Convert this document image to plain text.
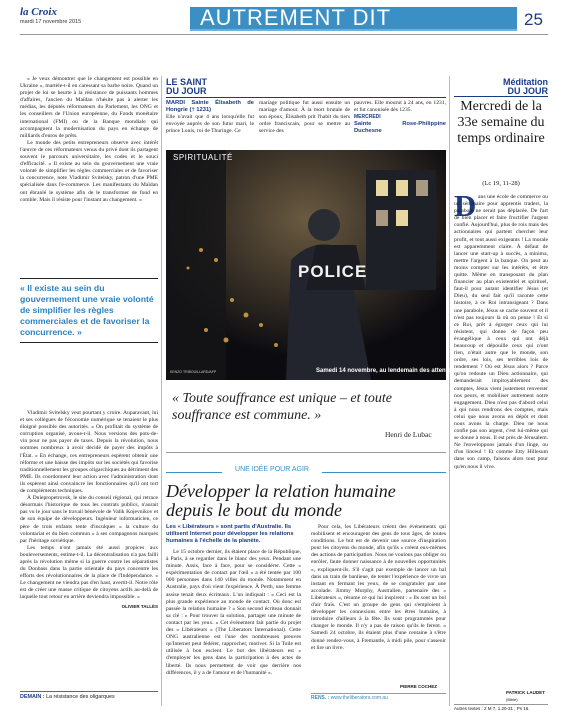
la Croix
mardi 17 novembre 2015	AUTREMENT DIT	25
« Je veux démontrer que le changement est possible en Ukraine », martèle-t-il en caressant sa barbe noire. Quand un projet de loi se heurte à la résistance de puissants hommes d'affaires, l'ancien du Maïdan n'hésite pas à alerter les médias, les députés réformateurs du Parlement, les ONG et les conseillers de l'Union européenne, du Fonds monétaire international (FMI) ou de la Banque mondiale qui accompagnent la modernisation du pays en échange de milliards d'euros de prêts.
Le monde des petits entrepreneurs observe avec intérêt l'œuvre de ces réformateurs venus du privé dont ils partagent souvent le parcours universitaire, les codes et le souci d'efficacité. « Il existe au sein du gouvernement une vraie volonté de simplifier les règles commerciales et de favoriser la concurrence, note Vladimir Svitelsky, patron d'une PME spécialisée dans l'e-commerce. Les manifestants du Maïdan ont ébranlé le système afin de le transformer de fond en comble. Mais il résiste pour l'instant au changement. »
« Il existe au sein du gouvernement une vraie volonté de simplifier les règles commerciales et de favoriser la concurrence. »
Vladimir Svitelsky veut pourtant y croire. Auparavant, lui et ses collègues de l'économie numérique se tenaient le plus éloigné possible des autorités. « On profitait du système de corruption organisé, avoue-t-il. Nous versions des pots-de-vin pour ne pas payer de taxes. Depuis la révolution, nous sommes nombreux à avoir décidé de payer des impôts à l'État. » En échange, ces entrepreneurs espèrent obtenir une réforme et une baisse des impôts sur les sociétés qui favorise traditionnellement les groupes oligarchiques au détriment des PME. Ils coordonnent leur action avec l'administration dont ils espèrent ainsi convaincre les fonctionnaires qu'il ont tort de compléments techniques.
À Dniepropetrovsk, le site du conseil régional, qui retrace désormais l'historique de tous les contrats publics, n'aurait pas vu le jour sans le travail bénévole de Valik Kojevnikov et de son équipe de développeurs. Ingénieur informaticien, ce père de trois enfants tente d'inculquer « la culture du volontariat et du bien commun » à ses compagnons marqués par l'héritage soviétique.
Les temps n'ont jamais été aussi propices aux bouleversements, estime-t-il. La décentralisation n'a pas failli après la révolution même si la guerre contre les séparatistes du Donbass dans la partie orientale du pays concentre les efforts des révolutionnaires de la place de l'Indépendance. « Le changement ne viendra pas d'en haut, avertit-il. Notre rôle est de créer une masse critique de citoyens actifs au-delà de laquelle tout retour en arrière deviendra impossible. »
OLIVIER TALLÈS
DEMAIN : La résistance des oligarques
LE SAINT
DU JOUR
MARDI Sainte Élisabeth de Hongrie († 1231)
Elle n'avait que 4 ans lorsqu'elle fut envoyée auprès de son futur mari, le prince Louis, roi de Thuringe. Ce
mariage politique fut aussi ensuite un mariage d'amour. À la mort brutale de son époux, Élisabeth prit l'habit du tiers ordre franciscain, pour se mettre au service des
pauvres. Elle mourut à 24 ans, en 1231, et fut canonisée dès 1235.
MERCREDI
Sainte Rose-Philippine Duchesne
POLICE
SPIRITUALITÉ
KENZO TRIBOUILLARD/AFP	Samedi 14 novembre, au lendemain des attentats.
« Toute souffrance est unique – et toute souffrance est commune. »
Henri de Lubac
UNE IDÉE POUR AGIR
Développer la relation humaine depuis le bout du monde
Les « Libérateurs » sont partis d'Australie. Ils utilisent Internet pour développer les relations humaines à l'échelle de la planète.
Le 15 octobre dernier, ils étaient place de la République, à Paris, à se regarder dans le blanc des yeux. Pendant une minute. Assis, face à face, pour se considérer. Cette « expérimentation de contact par l'œil » a été tentée par 100 000 personnes dans 140 villes du monde. Notamment en Australie, pays d'où vient l'expérience. À Perth, une femme assise tenait deux écriteaux. L'un indiquait : « Ceci est la plus grande expérience au monde de contact. Où donc est passée la relation humaine ? » Son second écriteau donnait sa clé : « Pour trouver la solution, partager une minute de contact par les yeux. » Cet événement fait partie du projet des « Libérateurs » (The Liberators International). Cette ONG australienne est l'une des nombreuses preuves qu'Internet peut fédérer, rapprocher, motiver. Si la Toile est utilisée à bon escient. Le but des libérateurs est « d'employer les gens dans la participation à des actes de liberté. Ils nous permettent de voir que derrière nos différences, il y a de l'amour et de l'humanité ».
Pour cela, les Libérateurs créent des événements qui mobilisent et encouragent des gens de tous âges, de toutes conditions. Le but est de devenir une source d'inspiration pour les citoyens du monde, afin qu'ils « créent eux-mêmes des actions de participation. Nous ne voulons pas obliger ou enrôler, faute donner naissance à de nouvelles opportunités », expliquent-ils. S'il s'agit par exemple de lancer un bal dans un train de banlieue, de tenter l'expérience de vivre un instant en fermant les yeux, de se congratuler par une accolade. Jimmy Murphy, Australien, partenaire des « Libérateurs », résume ce qui lui inspirent : « Ils sont un bol d'air frais. C'est un groupe de gens qui s'emploient à développer les connexions entre les êtres humains, à introduire d'ailleurs à la fête. Ils sont programmés pour changer le monde. Il n'y a pas de raison qu'ils le ferent. » Samedi 24 octobre, ils étaient plus d'une centaine à s'être donné rendez-vous, à Fremantle, à midi pile, pour s'asseoir et lire un livre.
PIERRE COCHEZ
RENS. : www.theliberators.com.au
Méditation
DU JOUR
Mercredi de la 33e semaine du temps ordinaire
(Lc 19, 11-28)
D ans une école de commerce ou un séminaire pour apprentis traders, la parabole ne serait pas déplacée. De l'art de bien placer et faire fructifier l'argent confié. Aujourd'hui, plus de rois mais des actionnaires qui partent chercher leur profit, et tout aussi exigeants ! La morale est apparemment claire. À défaut de lancer une start-up à succès, a minima, mettre l'argent à la banque. On peut au moins compter sur les intérêts, et être quitte. Même en transposant du plan financier au plan existentiel et spirituel, faut-il pour autant identifier Jésus (et Dieu), du seul fait qu'il raconte cette histoire, à ce Roi intransigeant ? Dans une parabole, Jésus se cache souvent et il n'est pas toujours là où on pense ! Et si ce Roi, prêt à égorger ceux qui lui résistent, qui donne de façon peu évangélique à ceux qui ont déjà beaucoup et dépouille ceux qui n'ont rien, n'était autre que le monde, son ordre, ses lois, ses terribles lois de rendement ? Où est Jésus alors ? Parce qu'on redoute un Dieu actionnaire, qui demanderait impitoyablement des comptes, Jésus vient justement renverser nos peurs, et mobiliser autrement notre engagement. Dieu n'est pas d'abord celui à qui nous rendrons des comptes, mais celui que nous avons en dépôt et dont nous avons la charge. Dieu ne nous confie pas son argent, c'est lui-même qui se donne à nous. Il est près de Jérusalem. Ne l'enveloppons jamais d'un linge, ou d'un linceul ! Et comme Etty Hillesum dans son camp, faisons alors tout pour qu'en nous il vive.
PATRICK LAUDET
(Bible)
Autres textes : 2 M 7, 1.20-31 ; Ps 16.
